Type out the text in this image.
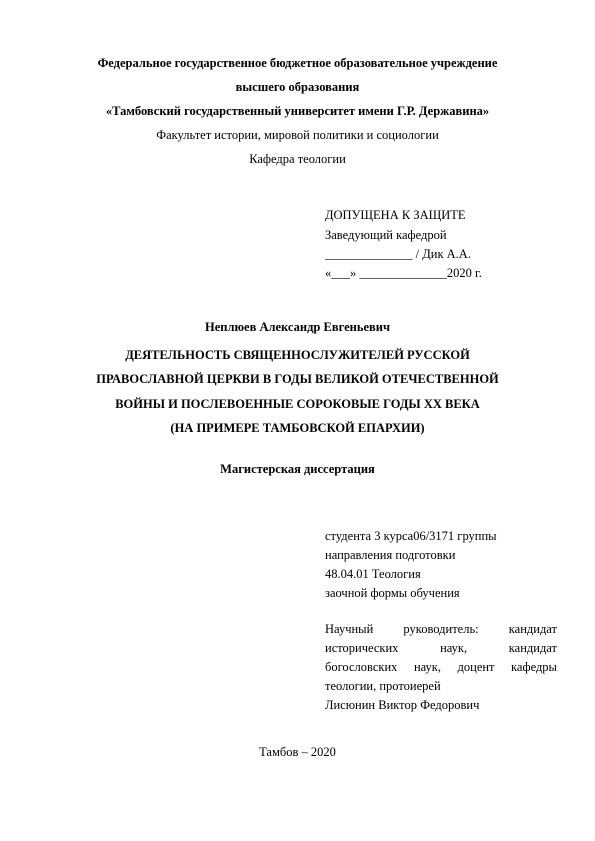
Федеральное государственное бюджетное образовательное учреждение
высшего образования
«Тамбовский государственный университет имени Г.Р. Державина»
Факультет истории, мировой политики и социологии
Кафедра теологии
ДОПУЩЕНА К ЗАЩИТЕ
Заведующий кафедрой
______________ / Дик А.А.
«___» ______________2020 г.
Неплюев Александр Евгеньевич
ДЕЯТЕЛЬНОСТЬ СВЯЩЕННОСЛУЖИТЕЛЕЙ РУССКОЙ
ПРАВОСЛАВНОЙ ЦЕРКВИ В ГОДЫ ВЕЛИКОЙ ОТЕЧЕСТВЕННОЙ
ВОЙНЫ И ПОСЛЕВОЕННЫЕ СОРОКОВЫЕ ГОДЫ XX ВЕКА
(НА ПРИМЕРЕ ТАМБОВСКОЙ ЕПАРХИИ)
Магистерская диссертация
студента 3 курса06/3171 группы
направления подготовки
48.04.01 Теология
заочной формы обучения
Научный руководитель: кандидат
исторических	наук,	кандидат
богословских наук, доцент кафедры
теологии, протоиерей
Лисюнин Виктор Федорович
Тамбов – 2020
